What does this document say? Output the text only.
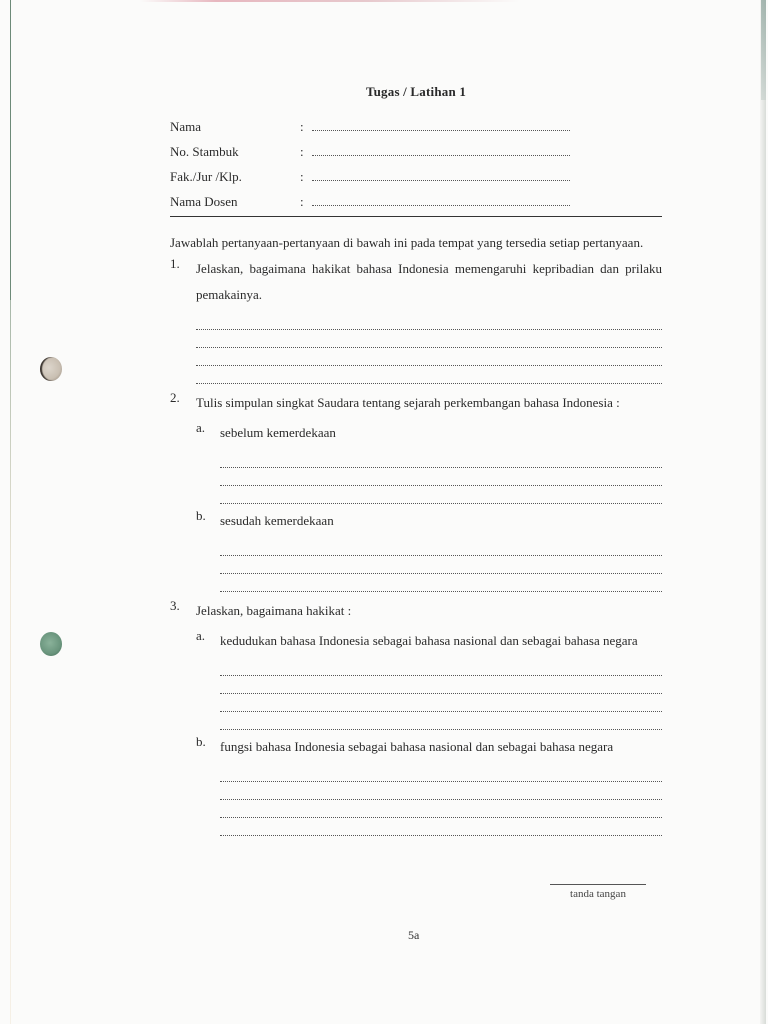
Tugas / Latihan 1
Nama	:
No. Stambuk	:
Fak./Jur /Klp.	:
Nama Dosen	:
Jawablah pertanyaan-pertanyaan di bawah ini pada tempat yang tersedia setiap pertanyaan.
1.	Jelaskan, bagaimana hakikat bahasa Indonesia memengaruhi kepribadian dan prilaku pemakainya.
2.	Tulis simpulan singkat Saudara tentang sejarah perkembangan bahasa Indonesia :
a.	sebelum kemerdekaan
b.	sesudah kemerdekaan
3.	Jelaskan, bagaimana hakikat :
a.	kedudukan bahasa Indonesia sebagai bahasa nasional dan sebagai bahasa negara
b.	fungsi bahasa Indonesia sebagai bahasa nasional dan sebagai bahasa negara
tanda tangan
5a
